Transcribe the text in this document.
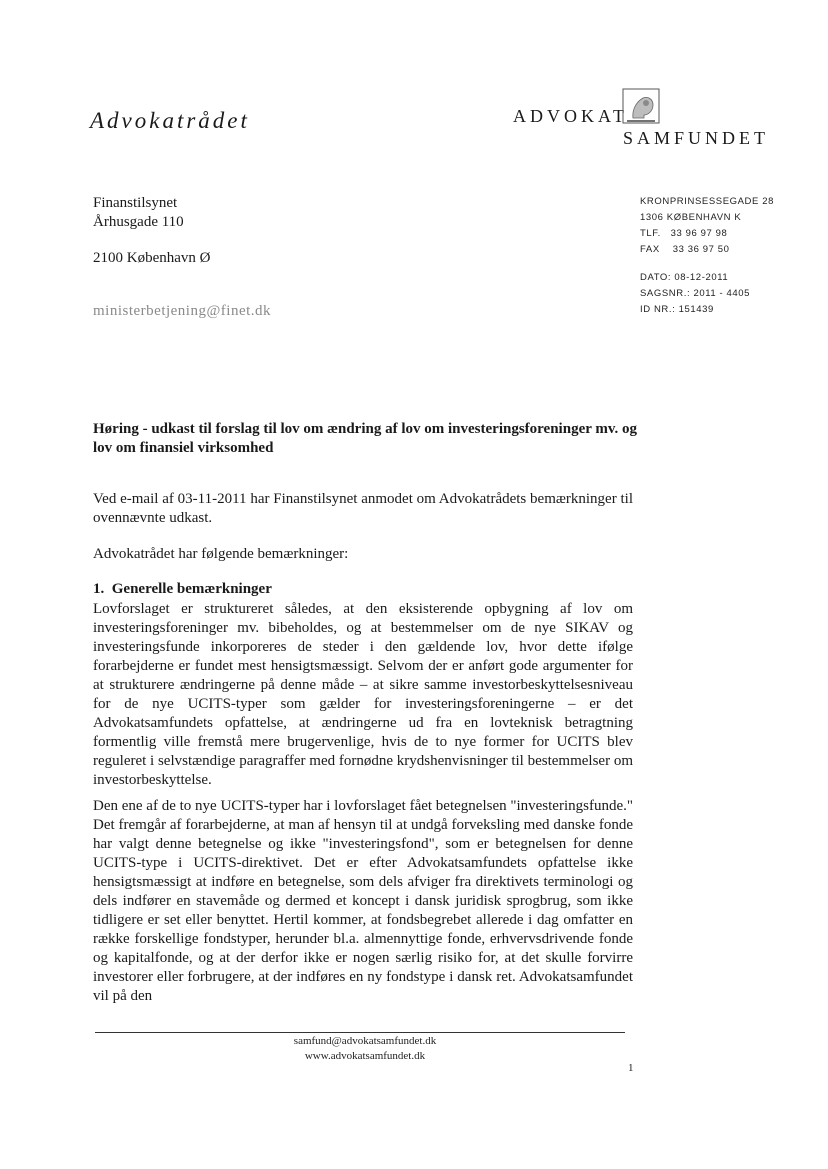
Advokatrådet	ADVOKAT
SAMFUNDET
Finanstilsynet
Århusgade 110
2100 København Ø
ministerbetjening@finet.dk
KRONPRINSESSEGADE 28
1306 KØBENHAVN K
TLF.   33 96 97 98
FAX    33 36 97 50
DATO: 08-12-2011
SAGSNR.: 2011 - 4405
ID NR.: 151439
Høring - udkast til forslag til lov om ændring af lov om investeringsforeninger mv. og lov om finansiel virksomhed
Ved e-mail af 03-11-2011 har Finanstilsynet anmodet om Advokatrådets bemærkninger til ovennævnte udkast.
Advokatrådet har følgende bemærkninger:
1.  Generelle bemærkninger
Lovforslaget er struktureret således, at den eksisterende opbygning af lov om investeringsforeninger mv. bibeholdes, og at bestemmelser om de nye SIKAV og investeringsfunde inkorporeres de steder i den gældende lov, hvor dette ifølge forarbejderne er fundet mest hensigtsmæssigt. Selvom der er anført gode argumenter for at strukturere ændringerne på denne måde – at sikre samme investorbeskyttelsesniveau for de nye UCITS-typer som gælder for investeringsforeningerne – er det Advokatsamfundets opfattelse, at ændringerne ud fra en lovteknisk betragtning formentlig ville fremstå mere brugervenlige, hvis de to nye former for UCITS blev reguleret i selvstændige paragraffer med fornødne krydshenvisninger til bestemmelser om investorbeskyttelse.
Den ene af de to nye UCITS-typer har i lovforslaget fået betegnelsen "investeringsfunde." Det fremgår af forarbejderne, at man af hensyn til at undgå forveksling med danske fonde har valgt denne betegnelse og ikke "investeringsfond", som er betegnelsen for denne UCITS-type i UCITS-direktivet. Det er efter Advokatsamfundets opfattelse ikke hensigtsmæssigt at indføre en betegnelse, som dels afviger fra direktivets terminologi og dels indfører en stavemåde og dermed et koncept i dansk juridisk sprogbrug, som ikke tidligere er set eller benyttet. Hertil kommer, at fondsbegrebet allerede i dag omfatter en række forskellige fondstyper, herunder bl.a. almennyttige fonde, erhvervsdrivende fonde og kapitalfonde, og at der derfor ikke er nogen særlig risiko for, at det skulle forvirre investorer eller forbrugere, at der indføres en ny fondstype i dansk ret. Advokatsamfundet vil på den
samfund@advokatsamfundet.dk
www.advokatsamfundet.dk
1
